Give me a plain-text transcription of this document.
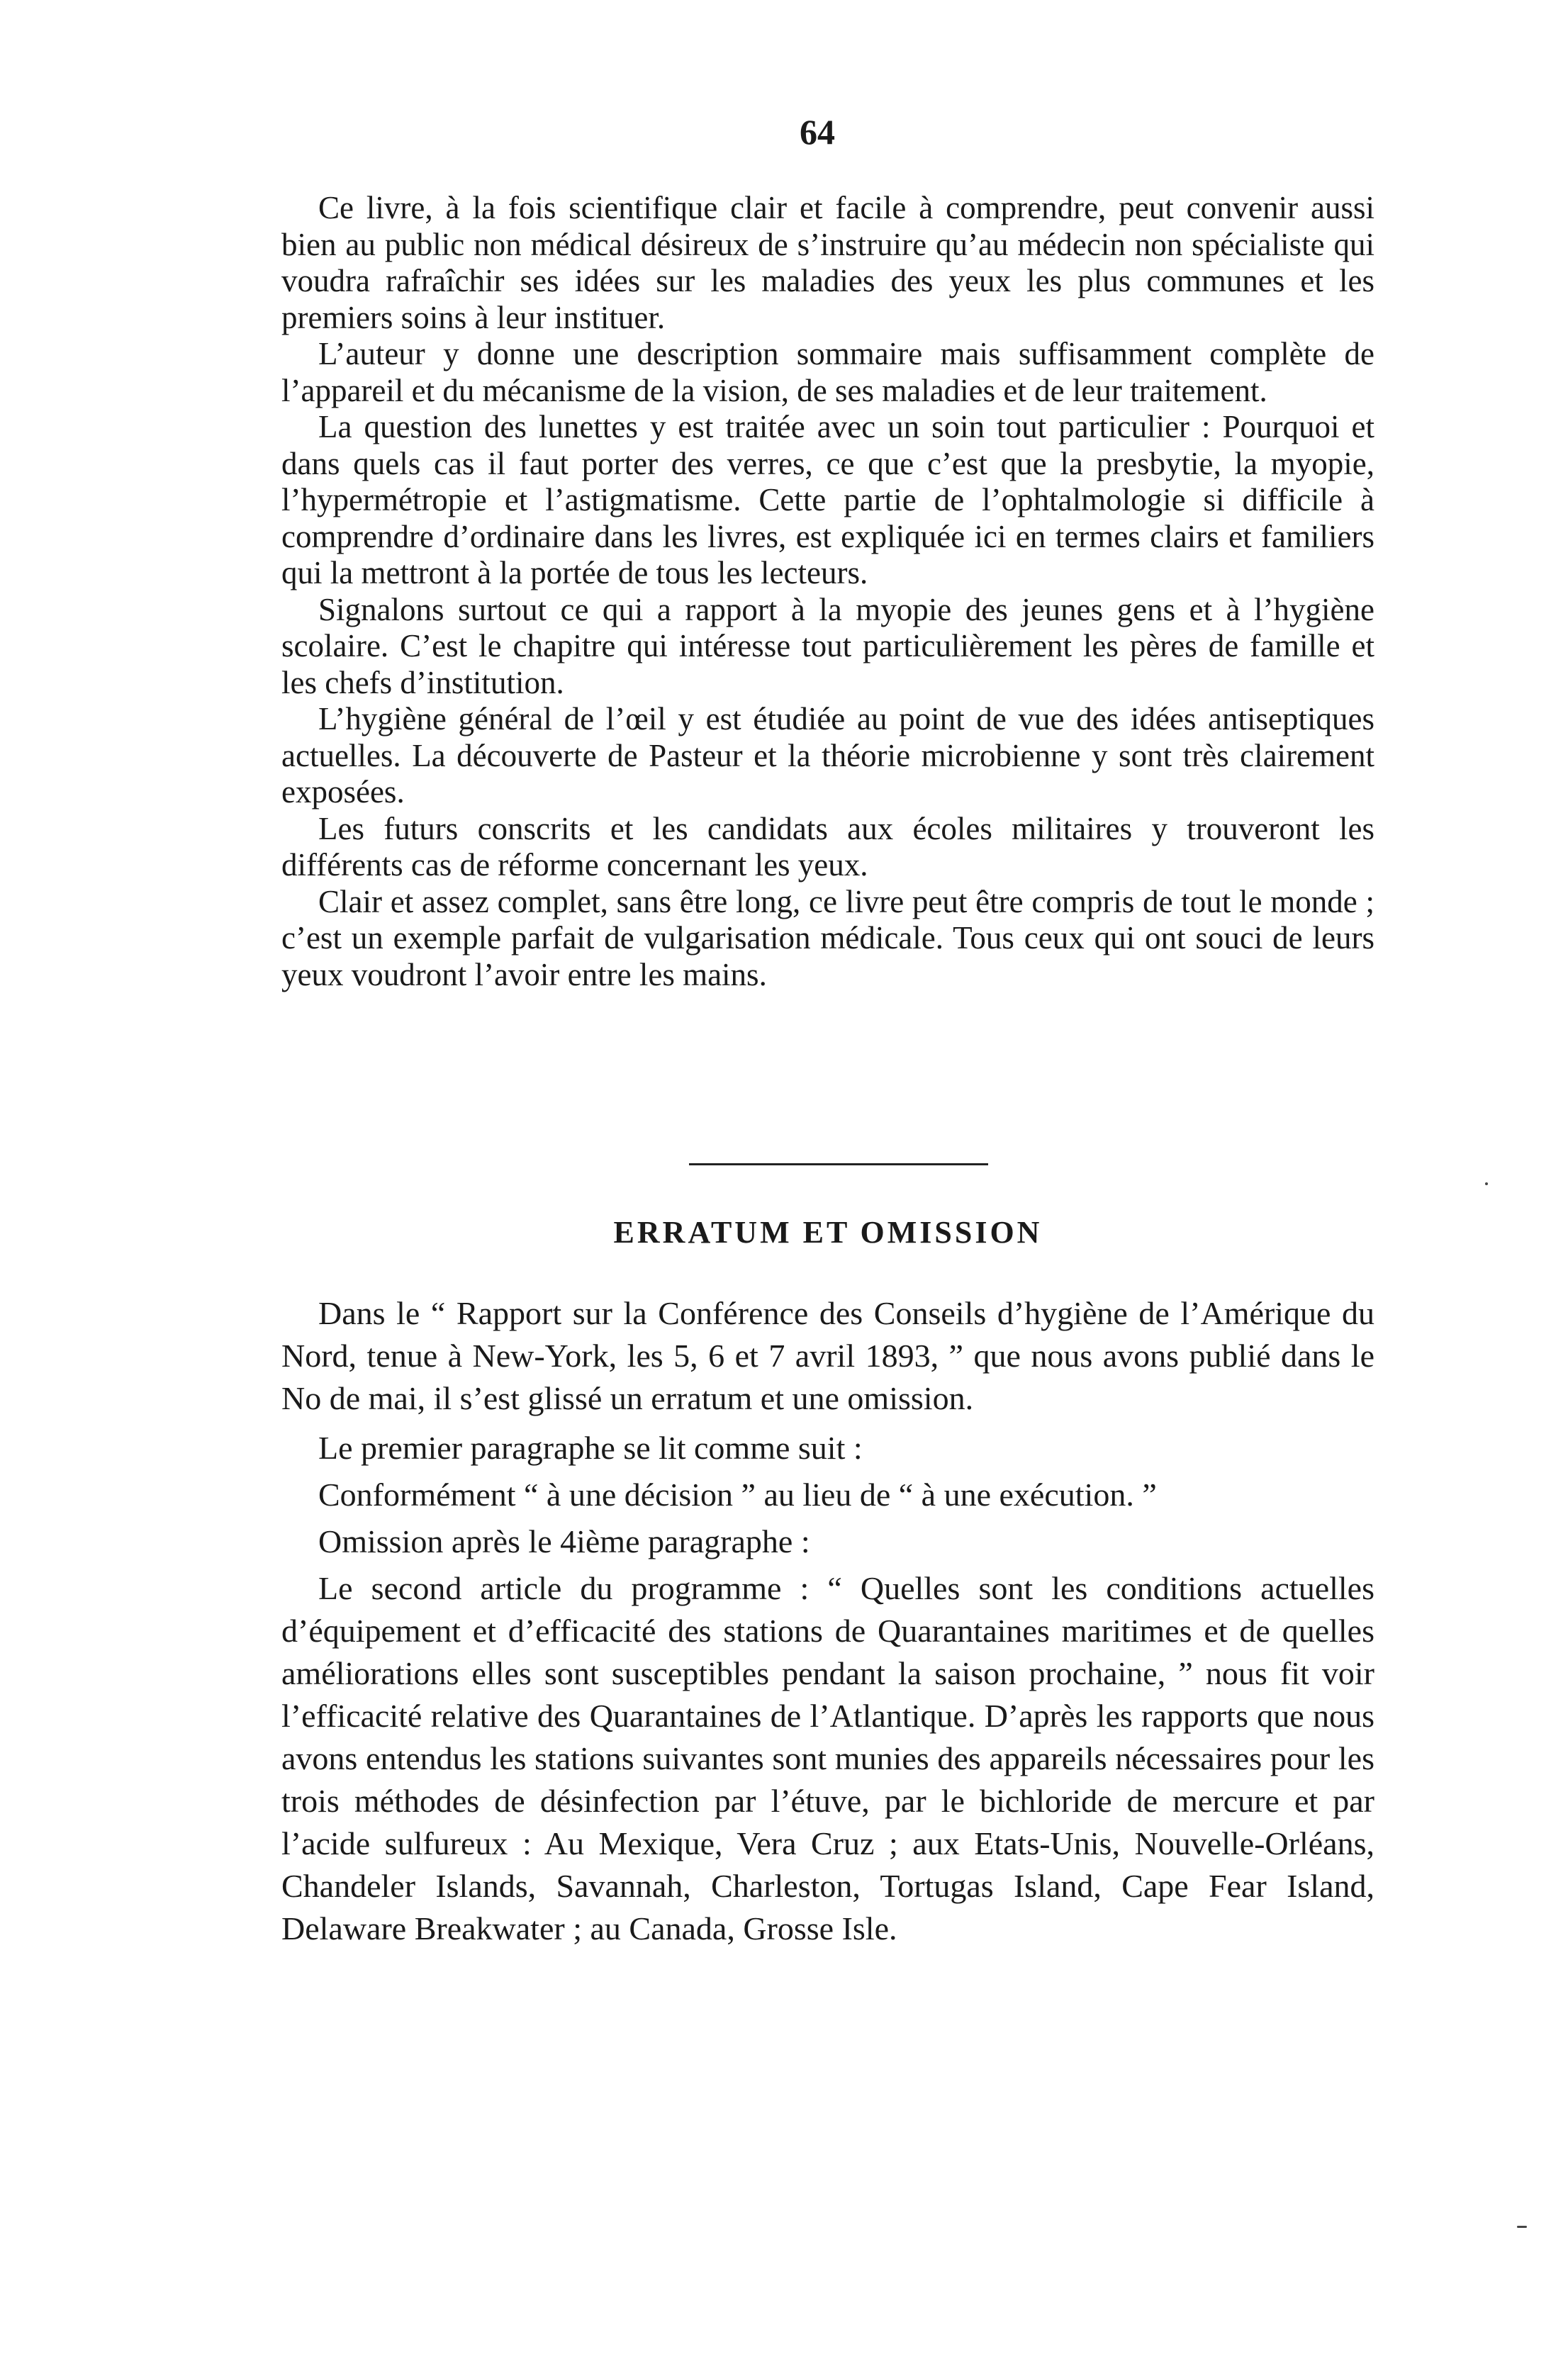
64

Ce livre, à la fois scientifique clair et facile à comprendre, peut convenir aussi bien au public non médical désireux de s’instruire qu’au médecin non spécialiste qui voudra rafraîchir ses idées sur les maladies des yeux les plus communes et les premiers soins à leur instituer.

L’auteur y donne une description sommaire mais suffisamment complète de l’appareil et du mécanisme de la vision, de ses maladies et de leur traitement.

La question des lunettes y est traitée avec un soin tout particulier : Pourquoi et dans quels cas il faut porter des verres, ce que c’est que la presbytie, la myopie, l’hypermétropie et l’astigmatisme. Cette partie de l’ophtalmologie si difficile à comprendre d’ordinaire dans les livres, est expliquée ici en termes clairs et familiers qui la mettront à la portée de tous les lecteurs.

Signalons surtout ce qui a rapport à la myopie des jeunes gens et à l’hygiène scolaire. C’est le chapitre qui intéresse tout particulièrement les pères de famille et les chefs d’institution.

L’hygiène général de l’œil y est étudiée au point de vue des idées antiseptiques actuelles. La découverte de Pasteur et la théorie microbienne y sont très clairement exposées.

Les futurs conscrits et les candidats aux écoles militaires y trouveront les différents cas de réforme concernant les yeux.

Clair et assez complet, sans être long, ce livre peut être compris de tout le monde ; c’est un exemple parfait de vulgarisation médicale. Tous ceux qui ont souci de leurs yeux voudront l’avoir entre les mains.

ERRATUM ET OMISSION

Dans le “ Rapport sur la Conférence des Conseils d’hygiène de l’Amérique du Nord, tenue à New-York, les 5, 6 et 7 avril 1893, ” que nous avons publié dans le No de mai, il s’est glissé un erratum et une omission.

Le premier paragraphe se lit comme suit :

Conformément “ à une décision ” au lieu de “ à une exécution. ”

Omission après le 4ième paragraphe :

Le second article du programme : “ Quelles sont les conditions actuelles d’équipement et d’efficacité des stations de Quarantaines maritimes et de quelles améliorations elles sont susceptibles pendant la saison prochaine, ” nous fit voir l’efficacité relative des Quarantaines de l’Atlantique. D’après les rapports que nous avons entendus les stations suivantes sont munies des appareils nécessaires pour les trois méthodes de désinfection par l’étuve, par le bichloride de mercure et par l’acide sulfureux : Au Mexique, Vera Cruz ; aux Etats-Unis, Nouvelle-Orléans, Chandeler Islands, Savannah, Charleston, Tortugas Island, Cape Fear Island, Delaware Breakwater ; au Canada, Grosse Isle.
